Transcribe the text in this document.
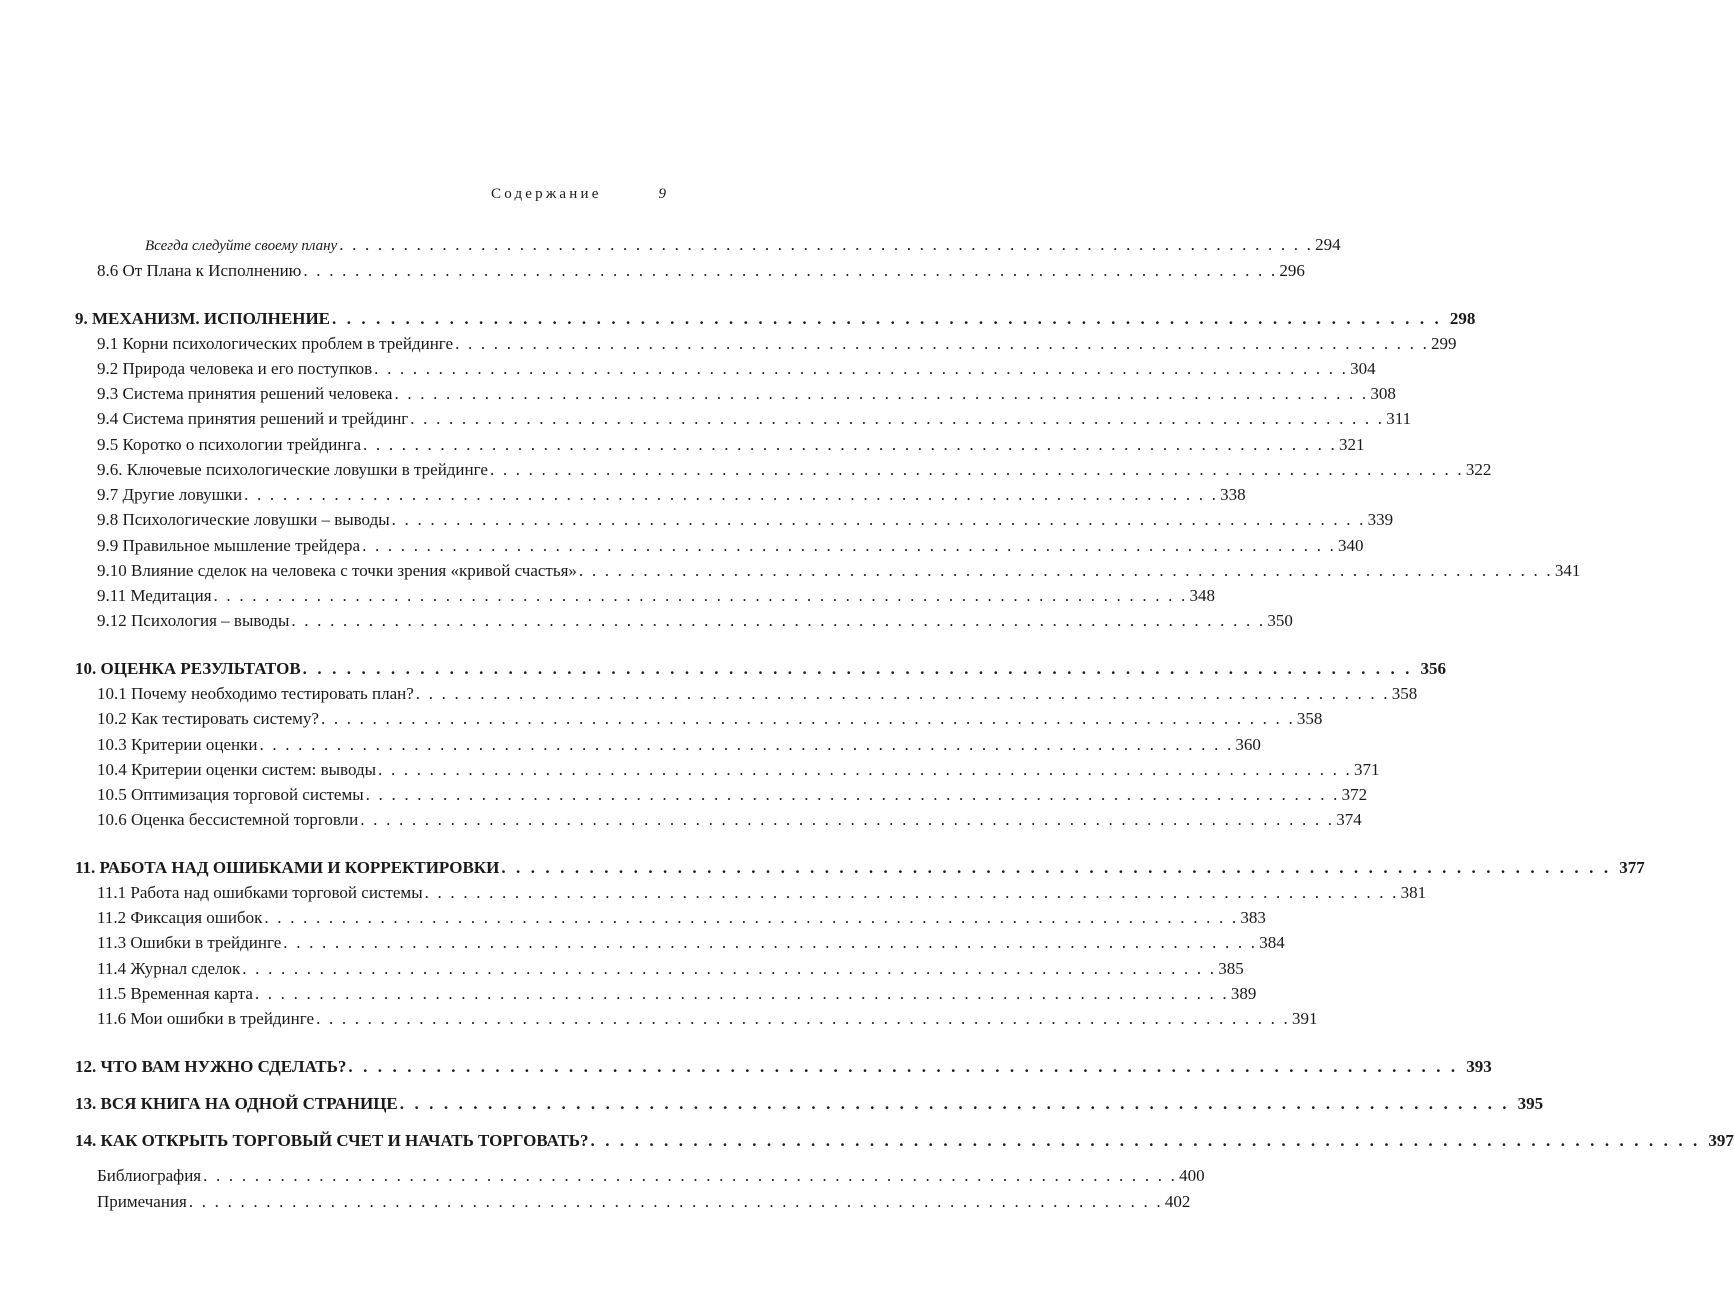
Содержание	9
Всегда следуйте своему плану . . . . . . . . . . . . . . . . . . . . . . . . . . . . . . . . . . . . . . . . . . . . . . . . . . . . . . . . . . . . . . . . . . . . . . . . . . . . 294
8.6 От Плана к Исполнению . . . . . . . . . . . . . . . . . . . . . . . . . . . . . . . . . . . . . . . . . . . . . . . . . . . . . . . . . . . . . . . . . . . . . . . . . . . . 296
9. МЕХАНИЗМ. ИСПОЛНЕНИЕ . . . . . . . . . . . . . . . . . . . . . . . . . . . . . . . . . . . . . . . . . . . . . . . . . . . . . . . . . . . . . . . . . . . . . . . . . . . . 298
9.1 Корни психологических проблем в трейдинге . . . . . . . . . . . . . . . . . . . . . . . . . . . . . . . . . . . . . . . . . . . . . . . . . . . . . . . . . . . . . . . . . . . . . . . . . . . . 299
9.2 Природа человека и его поступков . . . . . . . . . . . . . . . . . . . . . . . . . . . . . . . . . . . . . . . . . . . . . . . . . . . . . . . . . . . . . . . . . . . . . . . . . . . . 304
9.3 Система принятия решений человека . . . . . . . . . . . . . . . . . . . . . . . . . . . . . . . . . . . . . . . . . . . . . . . . . . . . . . . . . . . . . . . . . . . . . . . . . . . . 308
9.4 Система принятия решений и трейдинг . . . . . . . . . . . . . . . . . . . . . . . . . . . . . . . . . . . . . . . . . . . . . . . . . . . . . . . . . . . . . . . . . . . . . . . . . . . . 311
9.5 Коротко о психологии трейдинга . . . . . . . . . . . . . . . . . . . . . . . . . . . . . . . . . . . . . . . . . . . . . . . . . . . . . . . . . . . . . . . . . . . . . . . . . . . . 321
9.6. Ключевые психологические ловушки в трейдинге . . . . . . . . . . . . . . . . . . . . . . . . . . . . . . . . . . . . . . . . . . . . . . . . . . . . . . . . . . . . . . . . . . . . . . . . . . . . 322
9.7 Другие ловушки . . . . . . . . . . . . . . . . . . . . . . . . . . . . . . . . . . . . . . . . . . . . . . . . . . . . . . . . . . . . . . . . . . . . . . . . . . . . 338
9.8 Психологические ловушки – выводы . . . . . . . . . . . . . . . . . . . . . . . . . . . . . . . . . . . . . . . . . . . . . . . . . . . . . . . . . . . . . . . . . . . . . . . . . . . . 339
9.9 Правильное мышление трейдера . . . . . . . . . . . . . . . . . . . . . . . . . . . . . . . . . . . . . . . . . . . . . . . . . . . . . . . . . . . . . . . . . . . . . . . . . . . . 340
9.10 Влияние сделок на человека с точки зрения «кривой счастья» . . . . . . . . . . . . . . . . . . . . . . . . . . . . . . . . . . . . . . . . . . . . . . . . . . . . . . . . . . . . . . . . . . . . . . . . . . . . 341
9.11 Медитация . . . . . . . . . . . . . . . . . . . . . . . . . . . . . . . . . . . . . . . . . . . . . . . . . . . . . . . . . . . . . . . . . . . . . . . . . . . . 348
9.12 Психология – выводы . . . . . . . . . . . . . . . . . . . . . . . . . . . . . . . . . . . . . . . . . . . . . . . . . . . . . . . . . . . . . . . . . . . . . . . . . . . . 350
10. ОЦЕНКА РЕЗУЛЬТАТОВ . . . . . . . . . . . . . . . . . . . . . . . . . . . . . . . . . . . . . . . . . . . . . . . . . . . . . . . . . . . . . . . . . . . . . . . . . . . . 356
10.1 Почему необходимо тестировать план? . . . . . . . . . . . . . . . . . . . . . . . . . . . . . . . . . . . . . . . . . . . . . . . . . . . . . . . . . . . . . . . . . . . . . . . . . . . . 358
10.2 Как тестировать систему? . . . . . . . . . . . . . . . . . . . . . . . . . . . . . . . . . . . . . . . . . . . . . . . . . . . . . . . . . . . . . . . . . . . . . . . . . . . . 358
10.3 Критерии оценки . . . . . . . . . . . . . . . . . . . . . . . . . . . . . . . . . . . . . . . . . . . . . . . . . . . . . . . . . . . . . . . . . . . . . . . . . . . . 360
10.4 Критерии оценки систем: выводы . . . . . . . . . . . . . . . . . . . . . . . . . . . . . . . . . . . . . . . . . . . . . . . . . . . . . . . . . . . . . . . . . . . . . . . . . . . . 371
10.5 Оптимизация торговой системы . . . . . . . . . . . . . . . . . . . . . . . . . . . . . . . . . . . . . . . . . . . . . . . . . . . . . . . . . . . . . . . . . . . . . . . . . . . . 372
10.6 Оценка бессистемной торговли . . . . . . . . . . . . . . . . . . . . . . . . . . . . . . . . . . . . . . . . . . . . . . . . . . . . . . . . . . . . . . . . . . . . . . . . . . . . 374
11. РАБОТА НАД ОШИБКАМИ И КОРРЕКТИРОВКИ . . . . . . . . . . . . . . . . . . . . . . . . . . . . . . . . . . . . . . . . . . . . . . . . . . . . . . . . . . . . . . . . . . . . . . . . . . . . 377
11.1 Работа над ошибками торговой системы . . . . . . . . . . . . . . . . . . . . . . . . . . . . . . . . . . . . . . . . . . . . . . . . . . . . . . . . . . . . . . . . . . . . . . . . . . . . 381
11.2 Фиксация ошибок . . . . . . . . . . . . . . . . . . . . . . . . . . . . . . . . . . . . . . . . . . . . . . . . . . . . . . . . . . . . . . . . . . . . . . . . . . . . 383
11.3 Ошибки в трейдинге . . . . . . . . . . . . . . . . . . . . . . . . . . . . . . . . . . . . . . . . . . . . . . . . . . . . . . . . . . . . . . . . . . . . . . . . . . . . 384
11.4 Журнал сделок . . . . . . . . . . . . . . . . . . . . . . . . . . . . . . . . . . . . . . . . . . . . . . . . . . . . . . . . . . . . . . . . . . . . . . . . . . . . 385
11.5 Временная карта . . . . . . . . . . . . . . . . . . . . . . . . . . . . . . . . . . . . . . . . . . . . . . . . . . . . . . . . . . . . . . . . . . . . . . . . . . . . 389
11.6 Мои ошибки в трейдинге . . . . . . . . . . . . . . . . . . . . . . . . . . . . . . . . . . . . . . . . . . . . . . . . . . . . . . . . . . . . . . . . . . . . . . . . . . . . 391
12. ЧТО ВАМ НУЖНО СДЕЛАТЬ? . . . . . . . . . . . . . . . . . . . . . . . . . . . . . . . . . . . . . . . . . . . . . . . . . . . . . . . . . . . . . . . . . . . . . . . . . . . . 393
13. ВСЯ КНИГА НА ОДНОЙ СТРАНИЦЕ . . . . . . . . . . . . . . . . . . . . . . . . . . . . . . . . . . . . . . . . . . . . . . . . . . . . . . . . . . . . . . . . . . . . . . . . . . . . 395
14. КАК ОТКРЫТЬ ТОРГОВЫЙ СЧЕТ И НАЧАТЬ ТОРГОВАТЬ? . . . . . . . . . . . . . . . . . . . . . . . . . . . . . . . . . . . . . . . . . . . . . . . . . . . . . . . . . . . . . . . . . . . . . . . . . . . . 397
Библиография . . . . . . . . . . . . . . . . . . . . . . . . . . . . . . . . . . . . . . . . . . . . . . . . . . . . . . . . . . . . . . . . . . . . . . . . . . . . 400
Примечания . . . . . . . . . . . . . . . . . . . . . . . . . . . . . . . . . . . . . . . . . . . . . . . . . . . . . . . . . . . . . . . . . . . . . . . . . . . . 402
